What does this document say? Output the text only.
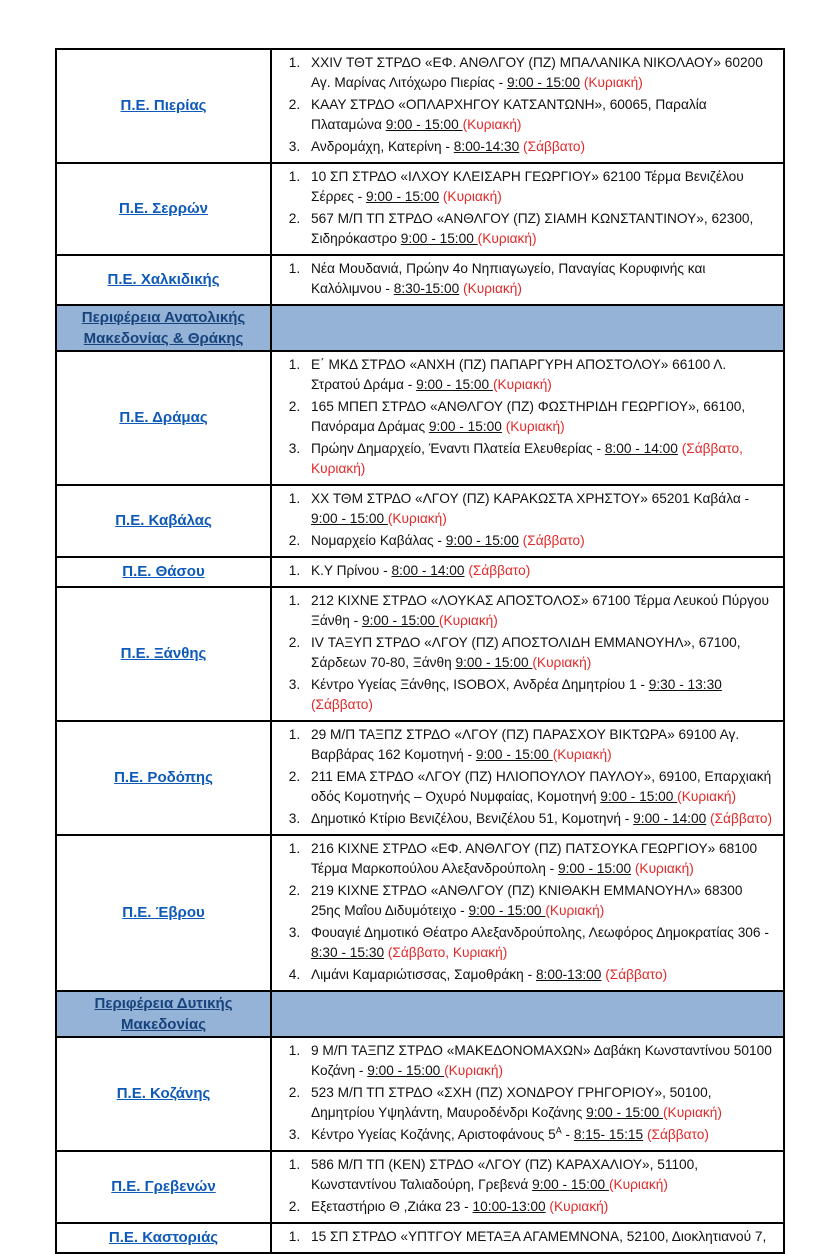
Π.Ε. Πιερίας	
1. XXIV ΤΘΤ ΣΤΡΔΟ «ΕΦ. ΑΝΘΛΓΟΥ (ΠΖ) ΜΠΑΛΑΝΙΚΑ ΝΙΚΟΛΑΟΥ» 60200 Αγ. Μαρίνας Λιτόχωρο Πιερίας - 9:00 - 15:00 (Κυριακή)
2. ΚΑΑΥ ΣΤΡΔΟ «ΟΠΛΑΡΧΗΓΟΥ ΚΑΤΣΑΝΤΩΝΗ», 60065, Παραλία Πλαταμώνα 9:00 - 15:00 (Κυριακή)
3. Ανδρομάχη, Κατερίνη - 8:00-14:30 (Σάββατο)

Π.Ε. Σερρών	
1. 10 ΣΠ ΣΤΡΔΟ «ΙΛΧΟΥ ΚΛΕΙΣΑΡΗ ΓΕΩΡΓΙΟΥ» 62100 Τέρμα Βενιζέλου Σέρρες - 9:00 - 15:00 (Κυριακή)
2. 567 Μ/Π ΤΠ ΣΤΡΔΟ «ΑΝΘΛΓΟΥ (ΠΖ) ΣΙΑΜΗ ΚΩΝΣΤΑΝΤΙΝΟΥ», 62300, Σιδηρόκαστρο 9:00 - 15:00 (Κυριακή)

Π.Ε. Χαλκιδικής	
1. Νέα Μουδανιά, Πρώην 4ο Νηπιαγωγείο, Παναγίας Κορυφινής και Καλόλιμνου - 8:30-15:00 (Κυριακή)

Περιφέρεια Ανατολικής Μακεδονίας & Θράκης	
Π.Ε. Δράμας	
1. Ε΄ ΜΚΔ ΣΤΡΔΟ «ΑΝΧΗ (ΠΖ) ΠΑΠΑΡΓΥΡΗ ΑΠΟΣΤΟΛΟΥ» 66100 Λ. Στρατού Δράμα - 9:00 - 15:00 (Κυριακή)
2. 165 ΜΠΕΠ ΣΤΡΔΟ «ΑΝΘΛΓΟΥ (ΠΖ) ΦΩΣΤΗΡΙΔΗ ΓΕΩΡΓΙΟΥ», 66100, Πανόραμα Δράμας 9:00 - 15:00 (Κυριακή)
3. Πρώην Δημαρχείο, Έναντι Πλατεία Ελευθερίας - 8:00 - 14:00 (Σάββατο, Κυριακή)

Π.Ε. Καβάλας	
1. ΧΧ ΤΘΜ ΣΤΡΔΟ «ΛΓΟΥ (ΠΖ) ΚΑΡΑΚΩΣΤΑ ΧΡΗΣΤΟΥ» 65201 Καβάλα - 9:00 - 15:00 (Κυριακή)
2. Νομαρχείο Καβάλας - 9:00 - 15:00 (Σάββατο)

Π.Ε. Θάσου	
1.Κ.Υ Πρίνου - 8:00 - 14:00 (Σάββατο)

Π.Ε. Ξάνθης	
1. 212 ΚΙΧΝΕ ΣΤΡΔΟ «ΛΟΥΚΑΣ ΑΠΟΣΤΟΛΟΣ» 67100 Τέρμα Λευκού Πύργου Ξάνθη - 9:00 - 15:00 (Κυριακή)
2. IV ΤΑΞΥΠ ΣΤΡΔΟ «ΛΓΟΥ (ΠΖ) ΑΠΟΣΤΟΛΙΔΗ ΕΜΜΑΝΟΥΗΛ», 67100, Σάρδεων 70-80, Ξάνθη 9:00 - 15:00 (Κυριακή)
3. Κέντρο Υγείας Ξάνθης, ISOBOX, Ανδρέα Δημητρίου 1 - 9:30 - 13:30 (Σάββατο)

Π.Ε. Ροδόπης	
1. 29 Μ/Π ΤΑΞΠΖ ΣΤΡΔΟ «ΛΓΟΥ (ΠΖ) ΠΑΡΑΣΧΟΥ ΒΙΚΤΩΡΑ» 69100 Αγ. Βαρβάρας 162 Κομοτηνή - 9:00 - 15:00 (Κυριακή)
2. 211 ΕΜΑ ΣΤΡΔΟ «ΛΓΟΥ (ΠΖ) ΗΛΙΟΠΟΥΛΟΥ ΠΑΥΛΟΥ», 69100, Επαρχιακή οδός Κομοτηνής – Οχυρό Νυμφαίας, Κομοτηνή 9:00 - 15:00 (Κυριακή)
3. Δημοτικό Κτίριο Βενιζέλου, Βενιζέλου 51, Κομοτηνή - 9:00 - 14:00 (Σάββατο)

Π.Ε. Έβρου	
1. 216 ΚΙΧΝΕ ΣΤΡΔΟ «ΕΦ. ΑΝΘΛΓΟΥ (ΠΖ) ΠΑΤΣΟΥΚΑ ΓΕΩΡΓΙΟΥ» 68100 Τέρμα Μαρκοπούλου Αλεξανδρούπολη - 9:00 - 15:00 (Κυριακή)
2. 219 ΚΙΧΝΕ ΣΤΡΔΟ «ΑΝΘΛΓΟΥ (ΠΖ) ΚΝΙΘΑΚΗ ΕΜΜΑΝΟΥΗΛ» 68300 25ης Μαΐου Διδυμότειχο - 9:00 - 15:00 (Κυριακή)
3. Φουαγιέ Δημοτικό Θέατρο Αλεξανδρούπολης, Λεωφόρος Δημοκρατίας 306 - 8:30 - 15:30 (Σάββατο, Κυριακή)
4. Λιμάνι Καμαριώτισσας, Σαμοθράκη - 8:00-13:00 (Σάββατο)

Περιφέρεια Δυτικής Μακεδονίας	
Π.Ε. Κοζάνης	
1. 9 Μ/Π ΤΑΞΠΖ ΣΤΡΔΟ «ΜΑΚΕΔΟΝΟΜΑΧΩΝ» Δαβάκη Κωνσταντίνου 50100 Κοζάνη - 9:00 - 15:00 (Κυριακή)
2. 523 Μ/Π ΤΠ ΣΤΡΔΟ «ΣΧΗ (ΠΖ) ΧΟΝΔΡΟΥ ΓΡΗΓΟΡΙΟΥ», 50100, Δημητρίου Υψηλάντη, Μαυροδένδρι Κοζάνης 9:00 - 15:00 (Κυριακή)
3. Κέντρο Υγείας Κοζάνης, Αριστοφάνους $5^A$ - 8:15- 15:15 (Σάββατο)

Π.Ε. Γρεβενών	
1. 586 Μ/Π ΤΠ (ΚΕΝ) ΣΤΡΔΟ «ΛΓΟΥ (ΠΖ) ΚΑΡΑΧΑΛΙΟΥ», 51100, Κωνσταντίνου Ταλιαδούρη, Γρεβενά 9:00 - 15:00 (Κυριακή)
2. Εξεταστήριο Θ ,Ζιάκα 23 - 10:00-13:00 (Κυριακή)

Π.Ε. Καστοριάς	
1.15 ΣΠ ΣΤΡΔΟ «ΥΠΤΓΟΥ ΜΕΤΑΞΑ ΑΓΑΜΕΜΝΟΝΑ, 52100, Διοκλητιανού 7,
